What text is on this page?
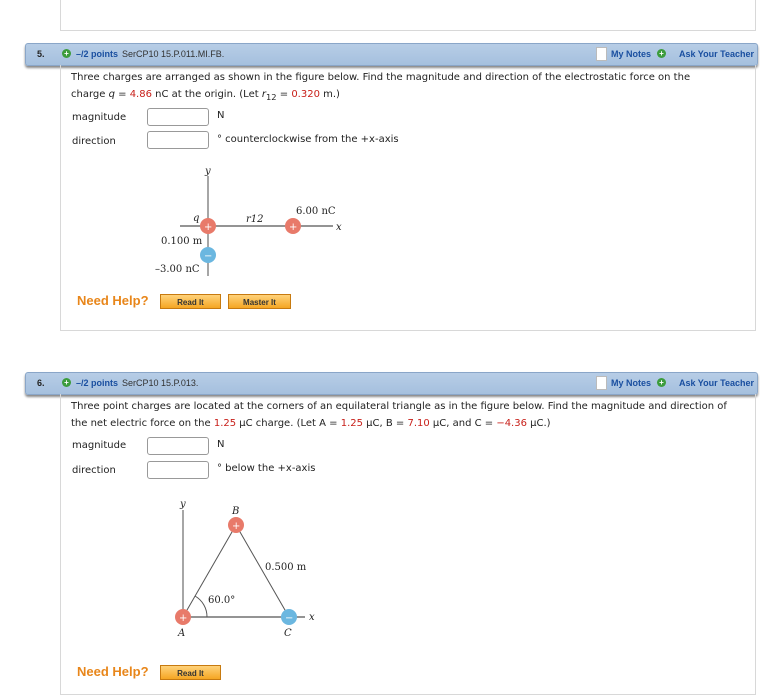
5. + –/2 points SerCP10 15.P.011.MI.FB.	My Notes + Ask Your Teacher
Three charges are arranged as shown in the figure below. Find the magnitude and direction of the electrostatic force on the
charge q = 4.86 nC at the origin. (Let $r_{12} = 0.320$ m.)
magnitude	N
direction	° counterclockwise from the +x-axis
y
x
q	r12
6.00 nC
0.100 m
–3.00 nC
+	+
−
y
x
A
B
C
0.500 m
60.0°
+
+
−
Need Help?	Read It	Master It
6. + –/2 points SerCP10 15.P.013.	My Notes + Ask Your Teacher
Three point charges are located at the corners of an equilateral triangle as in the figure below. Find the magnitude and direction of
the net electric force on the 1.25 μC charge. (Let A = 1.25 μC, B = 7.10 μC, and C = −4.36 μC.)
magnitude	N
direction	° below the +x-axis
Need Help?	Read It
